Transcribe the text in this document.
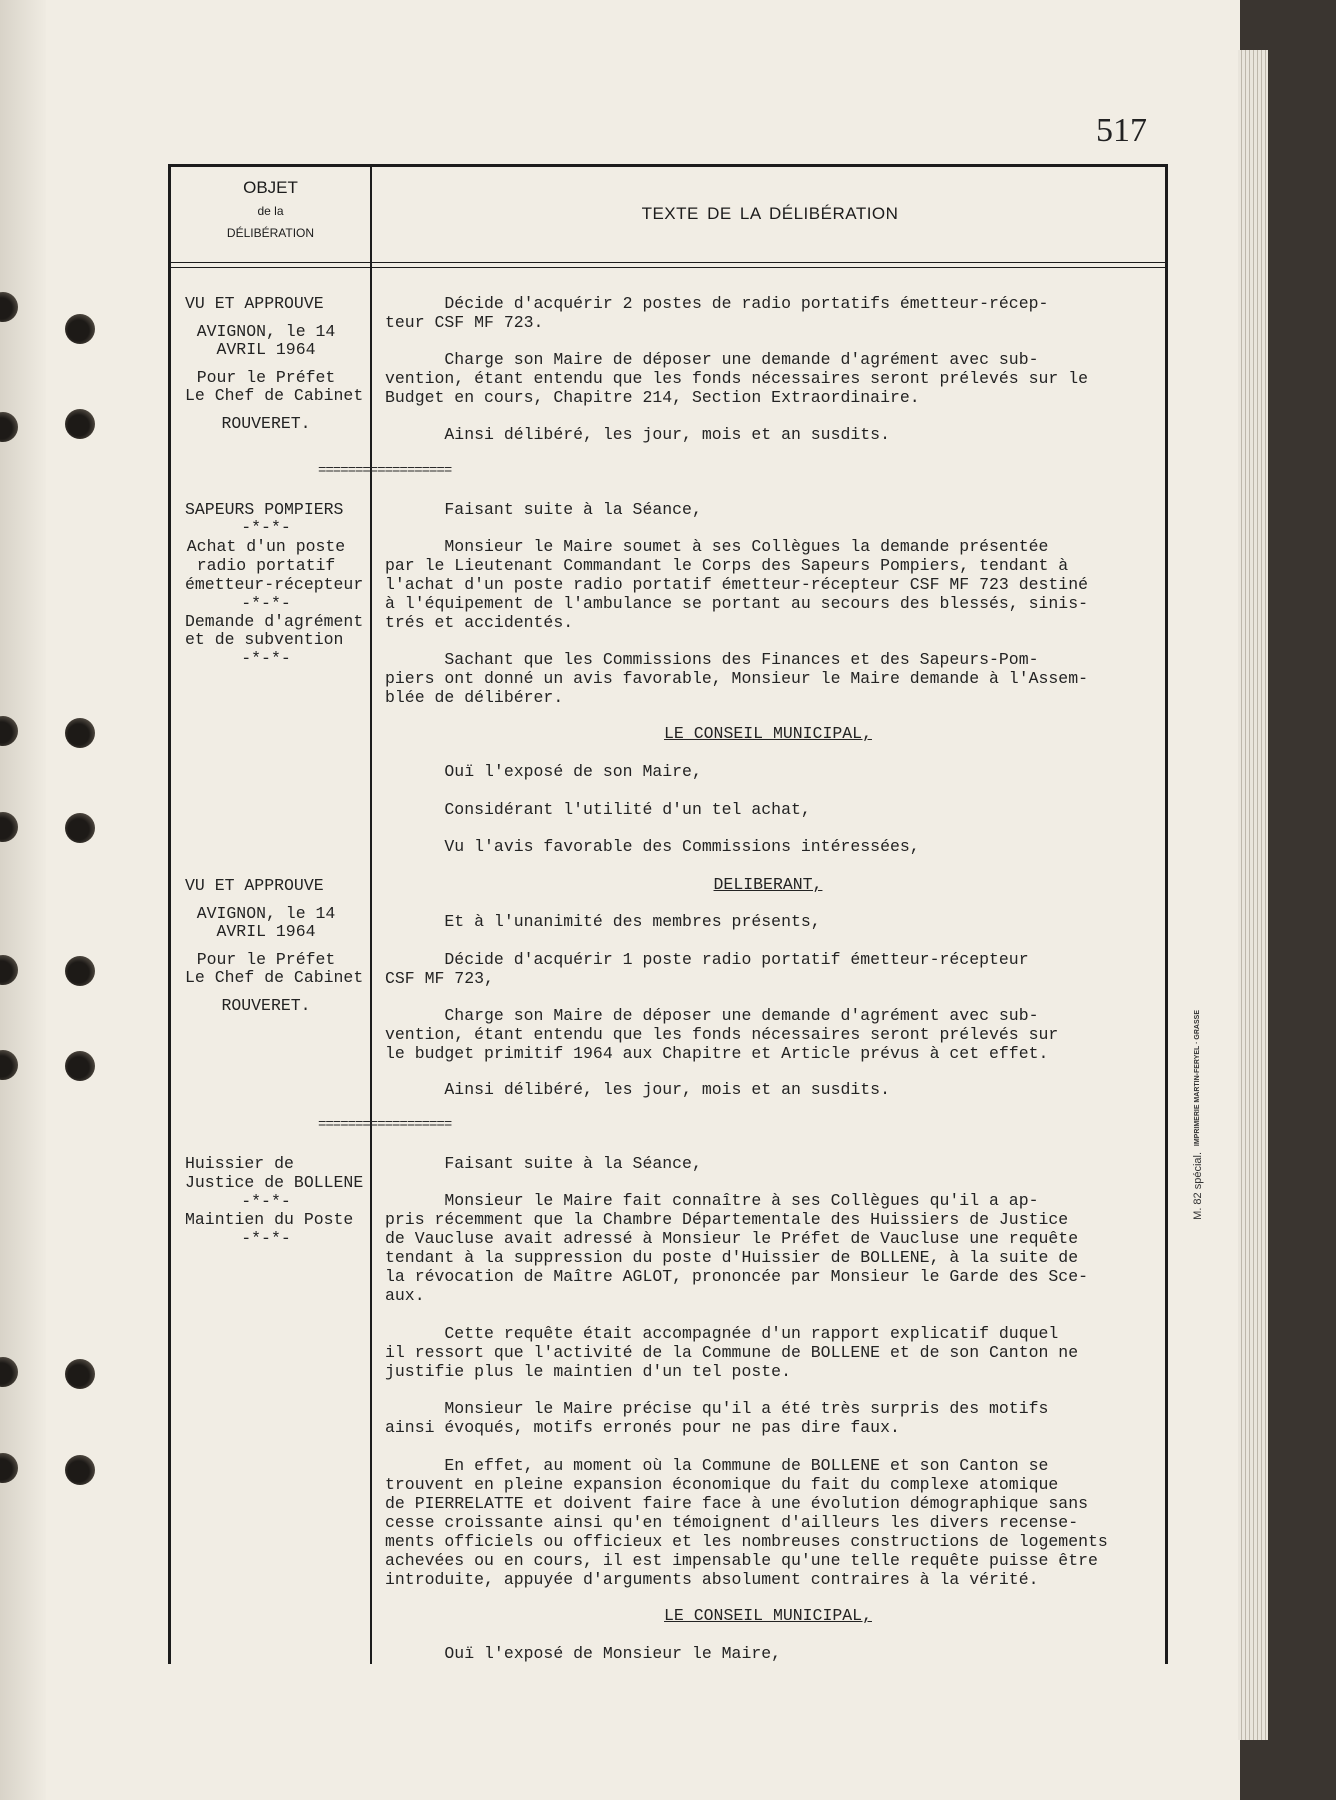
517
OBJET
de la
DÉLIBÉRATION
TEXTE DE LA DÉLIBÉRATION
VU ET APPROUVE
AVIGNON, le 14
AVRIL 1964
Pour le Préfet
Le Chef de Cabinet
ROUVERET.
==================
SAPEURS POMPIERS
-*-*-
Achat d'un poste
radio portatif
émetteur-récepteur
-*-*-
Demande d'agrément
et de subvention
-*-*-
VU ET APPROUVE
AVIGNON, le 14
AVRIL 1964
Pour le Préfet
Le Chef de Cabinet
ROUVERET.
==================
Huissier de
Justice de BOLLENE
-*-*-
Maintien du Poste
-*-*-
Décide d'acquérir 2 postes de radio portatifs émetteur-récep-
teur CSF MF 723.
Charge son Maire de déposer une demande d'agrément avec sub-
vention, étant entendu que les fonds nécessaires seront prélevés sur le
Budget en cours, Chapitre 214, Section Extraordinaire.
Ainsi délibéré, les jour, mois et an susdits.
Faisant suite à la Séance,
Monsieur le Maire soumet à ses Collègues la demande présentée
par le Lieutenant Commandant le Corps des Sapeurs Pompiers, tendant à
l'achat d'un poste radio portatif émetteur-récepteur CSF MF 723 destiné
à l'équipement de l'ambulance se portant au secours des blessés, sinis-
trés et accidentés.
Sachant que les Commissions des Finances et des Sapeurs-Pom-
piers ont donné un avis favorable, Monsieur le Maire demande à l'Assem-
blée de délibérer.
LE CONSEIL MUNICIPAL,
Ouï l'exposé de son Maire,
Considérant l'utilité d'un tel achat,
Vu l'avis favorable des Commissions intéressées,
DELIBERANT,
Et à l'unanimité des membres présents,
Décide d'acquérir 1 poste radio portatif émetteur-récepteur
CSF MF 723,
Charge son Maire de déposer une demande d'agrément avec sub-
vention, étant entendu que les fonds nécessaires seront prélevés sur
le budget primitif 1964 aux Chapitre et Article prévus à cet effet.
Ainsi délibéré, les jour, mois et an susdits.
Faisant suite à la Séance,
Monsieur le Maire fait connaître à ses Collègues qu'il a ap-
pris récemment que la Chambre Départementale des Huissiers de Justice
de Vaucluse avait adressé à Monsieur le Préfet de Vaucluse une requête
tendant à la suppression du poste d'Huissier de BOLLENE, à la suite de
la révocation de Maître AGLOT, prononcée par Monsieur le Garde des Sce-
aux.
Cette requête était accompagnée d'un rapport explicatif duquel
il ressort que l'activité de la Commune de BOLLENE et de son Canton ne
justifie plus le maintien d'un tel poste.
Monsieur le Maire précise qu'il a été très surpris des motifs
ainsi évoqués, motifs erronés pour ne pas dire faux.
En effet, au moment où la Commune de BOLLENE et son Canton se
trouvent en pleine expansion économique du fait du complexe atomique
de PIERRELATTE et doivent faire face à une évolution démographique sans
cesse croissante ainsi qu'en témoignent d'ailleurs les divers recense-
ments officiels ou officieux et les nombreuses constructions de logements
achevées ou en cours, il est impensable qu'une telle requête puisse être
introduite, appuyée d'arguments absolument contraires à la vérité.
LE CONSEIL MUNICIPAL,
Ouï l'exposé de Monsieur le Maire,
M. 82 spécial.   IMPRIMERIE MARTIN-FERYEL · GRASSE
